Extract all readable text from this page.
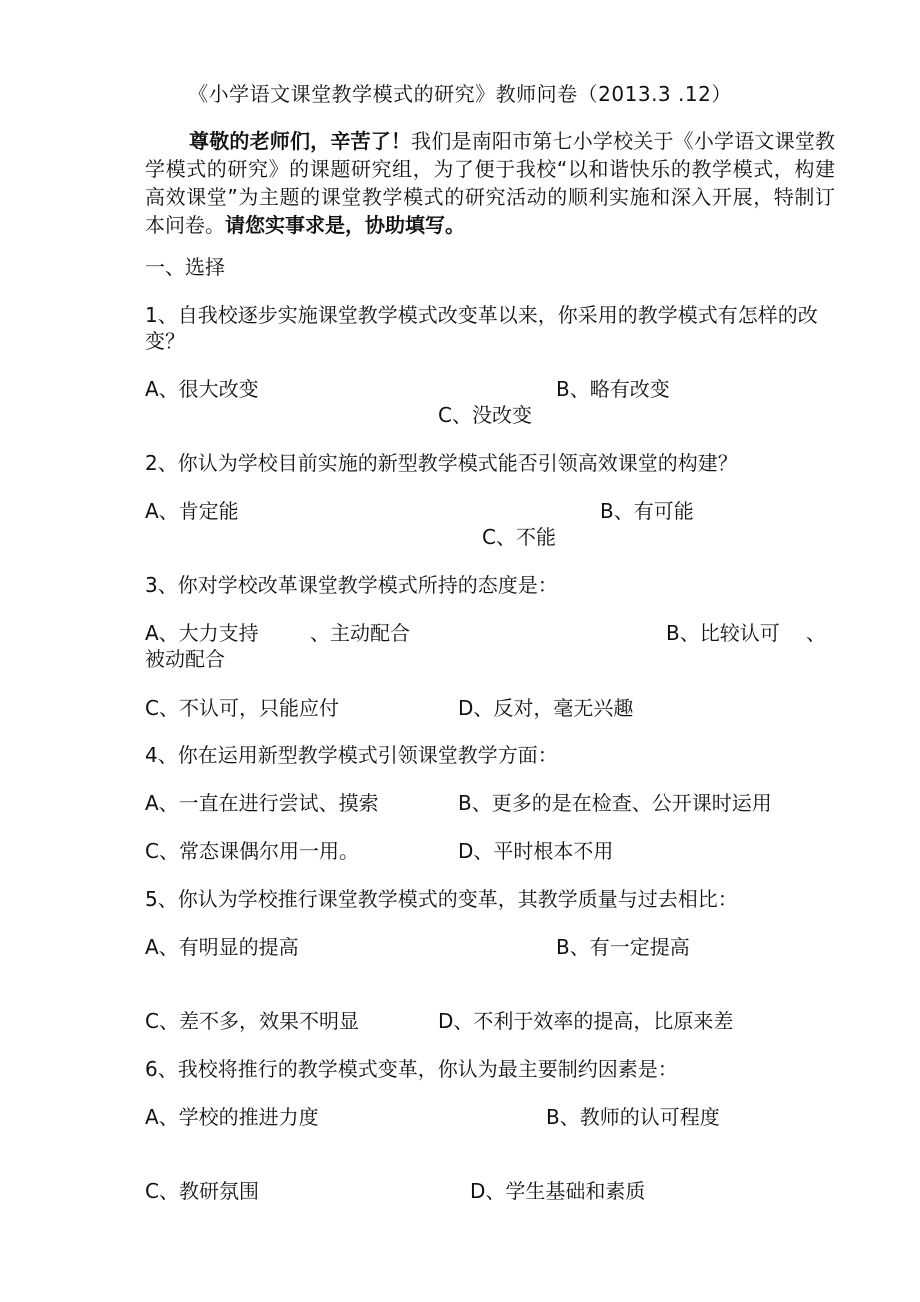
《小学语文课堂教学模式的研究》教师问卷（2013.3 .12）
尊敬的老师们，辛苦了！我们是南阳市第七小学校关于《小学语文课堂教学模式的研究》的课题研究组，为了便于我校“以和谐快乐的教学模式，构建高效课堂”为主题的课堂教学模式的研究活动的顺利实施和深入开展，特制订本问卷。请您实事求是，协助填写。
一、选择
1、自我校逐步实施课堂教学模式改变革以来，你采用的教学模式有怎样的改变？
A、很大改变	B、略有改变
C、没改变
2、你认为学校目前实施的新型教学模式能否引领高效课堂的构建？
A、肯定能	B、有可能
C、不能
3、你对学校改革课堂教学模式所持的态度是：
A、大力支持	、主动配合	B、比较认可 、
被动配合
C、不认可，只能应付	D、反对，毫无兴趣
4、你在运用新型教学模式引领课堂教学方面：
A、一直在进行尝试、摸索	B、更多的是在检查、公开课时运用
C、常态课偶尔用一用。	D、平时根本不用
5、你认为学校推行课堂教学模式的变革，其教学质量与过去相比：
A、有明显的提高	B、有一定提高
C、差不多，效果不明显	D、不利于效率的提高，比原来差
6、我校将推行的教学模式变革，你认为最主要制约因素是：
A、学校的推进力度	B、教师的认可程度
C、教研氛围	D、学生基础和素质
